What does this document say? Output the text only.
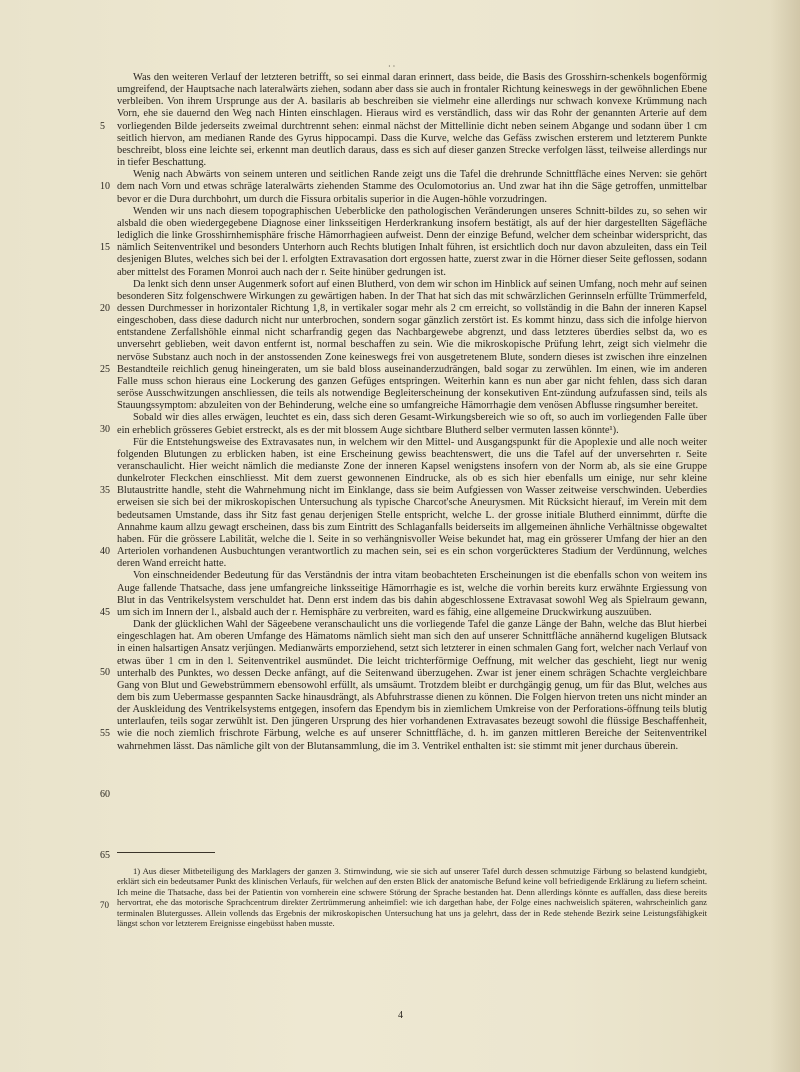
··
5
10
15
20
25
30
35
40
45
50
55
60
65
70

Was den weiteren Verlauf der letzteren betrifft, so sei einmal daran erinnert, dass beide, die Basis des Grosshirn-schenkels bogenförmig umgreifend, der Hauptsache nach lateralwärts ziehen, sodann aber dass sie auch in frontaler Richtung keineswegs in der gewöhnlichen Ebene verbleiben. Von ihrem Ursprunge aus der A. basilaris ab beschreiben sie vielmehr eine allerdings nur schwach konvexe Krümmung nach Vorn, ehe sie dauernd den Weg nach Hinten einschlagen. Hieraus wird es verständlich, dass wir das Rohr der genannten Arterie auf dem vorliegenden Bilde jederseits zweimal durchtrennt sehen: einmal nächst der Mittellinie dicht neben seinem Abgange und sodann über 1 cm seitlich hiervon, am medianen Rande des Gyrus hippocampi. Dass die Kurve, welche das Gefäss zwischen ersterem und letzterem Punkte beschreibt, bloss eine leichte sei, erkennt man deutlich daraus, dass es sich auf dieser ganzen Strecke verfolgen lässt, teilweise allerdings nur in tiefer Beschattung.

Wenig nach Abwärts von seinem unteren und seitlichen Rande zeigt uns die Tafel die drehrunde Schnittfläche eines Nerven: sie gehört dem nach Vorn und etwas schräge lateralwärts ziehenden Stamme des Oculomotorius an. Und zwar hat ihn die Säge getroffen, unmittelbar bevor er die Dura durchbohrt, um durch die Fissura orbitalis superior in die Augen-höhle vorzudringen.

Wenden wir uns nach diesem topographischen Ueberblicke den pathologischen Veränderungen unseres Schnitt-bildes zu, so sehen wir alsbald die oben wiedergegebene Diagnose einer linksseitigen Herderkrankung insofern bestätigt, als auf der hier dargestellten Sägefläche lediglich die linke Grosshirnhemisphäre frische Hämorrhagieen aufweist. Denn der einzige Befund, welcher dem scheinbar widerspricht, das nämlich Seitenventrikel und besonders Unterhorn auch Rechts blutigen Inhalt führen, ist ersichtlich doch nur davon abzuleiten, dass ein Teil desjenigen Blutes, welches sich bei der l. erfolgten Extravasation dort ergossen hatte, zuerst zwar in die Hörner dieser Seite geflossen, sodann aber mittelst des Foramen Monroi auch nach der r. Seite hinüber gedrungen ist.

Da lenkt sich denn unser Augenmerk sofort auf einen Blutherd, von dem wir schon im Hinblick auf seinen Umfang, noch mehr auf seinen besonderen Sitz folgenschwere Wirkungen zu gewärtigen haben. In der That hat sich das mit schwärzlichen Gerinnseln erfüllte Trümmerfeld, dessen Durchmesser in horizontaler Richtung 1,8, in vertikaler sogar mehr als 2 cm erreicht, so vollständig in die Bahn der inneren Kapsel eingeschoben, dass diese dadurch nicht nur unterbrochen, sondern sogar gänzlich zerstört ist. Es kommt hinzu, dass sich die infolge hiervon entstandene Zerfallshöhle einmal nicht scharfrandig gegen das Nachbargewebe abgrenzt, und dass letzteres überdies selbst da, wo es unversehrt geblieben, weit davon entfernt ist, normal beschaffen zu sein. Wie die mikroskopische Prüfung lehrt, zeigt sich vielmehr die nervöse Substanz auch noch in der anstossenden Zone keineswegs frei von ausgetretenem Blute, sondern dieses ist zwischen ihre einzelnen Bestandteile reichlich genug hineingeraten, um sie bald bloss auseinanderzudrängen, bald sogar zu zerwühlen. Im einen, wie im anderen Falle muss schon hieraus eine Lockerung des ganzen Gefüges entspringen. Weiterhin kann es nun aber gar nicht fehlen, dass sich daran seröse Ausschwitzungen anschliessen, die teils als notwendige Begleiterscheinung der konsekutiven Ent-zündung aufzufassen sind, teils als Stauungssymptom: abzuleiten von der Behinderung, welche eine so umfangreiche Hämorrhagie dem venösen Abflusse ringsumher bereitet.

Sobald wir dies alles erwägen, leuchtet es ein, dass sich deren Gesamt-Wirkungsbereich wie so oft, so auch im vorliegenden Falle über ein erheblich grösseres Gebiet erstreckt, als es der mit blossem Auge sichtbare Blutherd selber vermuten lassen könnte¹).

Für die Entstehungsweise des Extravasates nun, in welchem wir den Mittel- und Ausgangspunkt für die Apoplexie und alle noch weiter folgenden Blutungen zu erblicken haben, ist eine Erscheinung gewiss beachtenswert, die uns die Tafel auf der unversehrten r. Seite veranschaulicht. Hier weicht nämlich die medianste Zone der inneren Kapsel wenigstens insofern von der Norm ab, als sie eine Gruppe dunkelroter Fleckchen einschliesst. Mit dem zuerst gewonnenen Eindrucke, als ob es sich hier ebenfalls um einige, nur sehr kleine Blutaustritte handle, steht die Wahrnehmung nicht im Einklange, dass sie beim Aufgiessen von Wasser zeitweise verschwinden. Ueberdies erweisen sie sich bei der mikroskopischen Untersuchung als typische Charcot'sche Aneurysmen. Mit Rücksicht hierauf, im Verein mit dem bedeutsamen Umstande, dass ihr Sitz fast genau derjenigen Stelle entspricht, welche L. der grosse initiale Blutherd einnimmt, dürfte die Annahme kaum allzu gewagt erscheinen, dass bis zum Eintritt des Schlaganfalls beiderseits im allgemeinen ähnliche Verhältnisse obgewaltet haben. Für die grössere Labilität, welche die l. Seite in so verhängnisvoller Weise bekundet hat, mag ein grösserer Umfang der hier an den Arteriolen vorhandenen Ausbuchtungen verantwortlich zu machen sein, sei es ein schon vorgerückteres Stadium der Verdünnung, welches deren Wand erreicht hatte.

Von einschneidender Bedeutung für das Verständnis der intra vitam beobachteten Erscheinungen ist die ebenfalls schon von weitem ins Auge fallende Thatsache, dass jene umfangreiche linksseitige Hämorrhagie es ist, welche die vorhin bereits kurz erwähnte Ergiessung von Blut in das Ventrikelsystem verschuldet hat. Denn erst indem das bis dahin abgeschlossene Extravasat sowohl Weg als Spielraum gewann, um sich im Innern der l., alsbald auch der r. Hemisphäre zu verbreiten, ward es fähig, eine allgemeine Druckwirkung auszuüben.

Dank der glücklichen Wahl der Sägeebene veranschaulicht uns die vorliegende Tafel die ganze Länge der Bahn, welche das Blut hierbei eingeschlagen hat. Am oberen Umfange des Hämatoms nämlich sieht man sich den auf unserer Schnittfläche annähernd kugeligen Blutsack in einen halsartigen Ansatz verjüngen. Medianwärts emporziehend, setzt sich letzterer in einen schmalen Gang fort, welcher nach Verlauf von etwas über 1 cm in den l. Seitenventrikel ausmündet. Die leicht trichterförmige Oeffnung, mit welcher das geschieht, liegt nur wenig unterhalb des Punktes, wo dessen Decke anfängt, auf die Seitenwand überzugehen. Zwar ist jener einem schrägen Schachte vergleichbare Gang von Blut und Gewebstrümmern ebensowohl erfüllt, als umsäumt. Trotzdem bleibt er durchgängig genug, um für das Blut, welches aus dem bis zum Uebermasse gespannten Sacke hinausdrängt, als Abfuhrstrasse dienen zu können. Die Folgen hiervon treten uns nicht minder an der Auskleidung des Ventrikelsystems entgegen, insofern das Ependym bis in ziemlichem Umkreise von der Perforations-öffnung teils blutig unterlaufen, teils sogar zerwühlt ist. Den jüngeren Ursprung des hier vorhandenen Extravasates bezeugt sowohl die flüssige Beschaffenheit, wie die noch ziemlich frischrote Färbung, welche es auf unserer Schnittfläche, d. h. im ganzen mittleren Bereiche der Seitenventrikel wahrnehmen lässt. Das nämliche gilt von der Blutansammlung, die im 3. Ventrikel enthalten ist: sie stimmt mit jener durchaus überein.

1) Aus dieser Mitbeteiligung des Marklagers der ganzen 3. Stirnwindung, wie sie sich auf unserer Tafel durch dessen schmutzige Färbung so belastend kundgiebt, erklärt sich ein bedeutsamer Punkt des klinischen Verlaufs, für welchen auf den ersten Blick der anatomische Befund keine voll befriedigende Erklärung zu liefern scheint. Ich meine die Thatsache, dass bei der Patientin von vornherein eine schwere Störung der Sprache bestanden hat. Denn allerdings könnte es auffallen, dass diese bereits hervortrat, ehe das motorische Sprachcentrum direkter Zertrümmerung anheimfiel: wie ich dargethan habe, der Folge eines nachweislich späteren, wahrscheinlich ganz terminalen Blutergusses. Allein vollends das Ergebnis der mikroskopischen Untersuchung hat uns ja gelehrt, dass der in Rede stehende Bezirk seine Leistungsfähigkeit längst schon vor letzterem Ereignisse eingebüsst haben musste.

4
